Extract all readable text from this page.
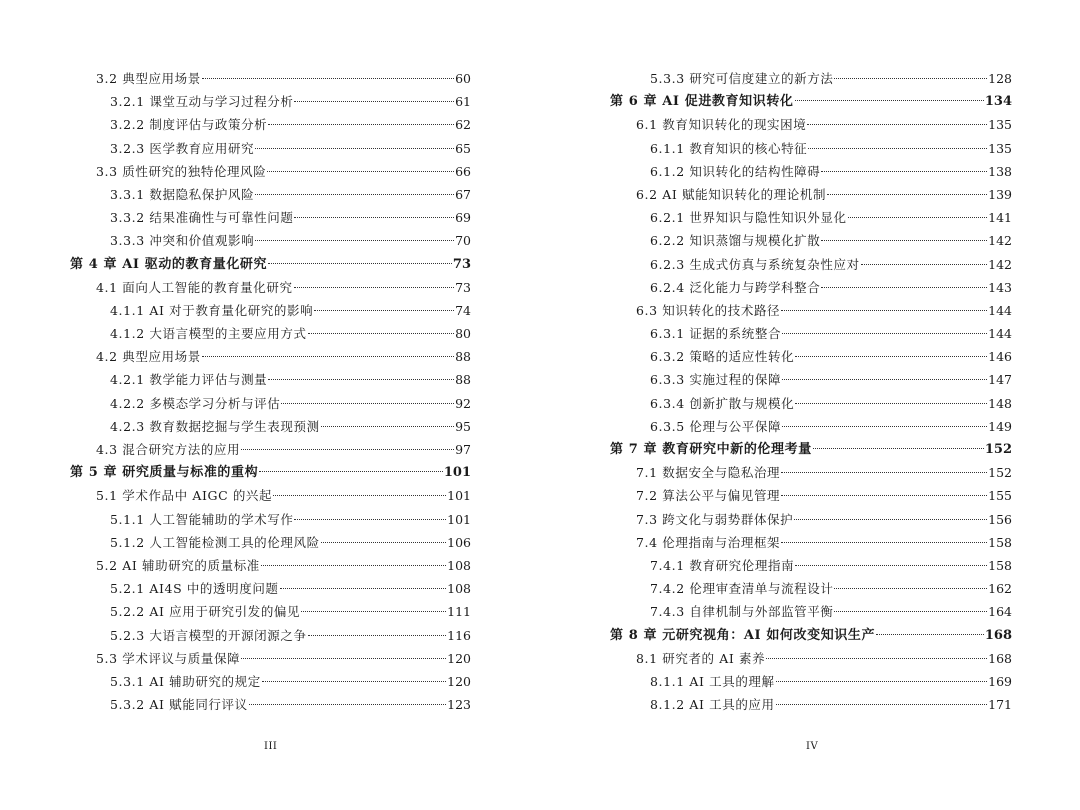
3.2 典型应用场景	60
3.2.1 课堂互动与学习过程分析	61
3.2.2 制度评估与政策分析	62
3.2.3 医学教育应用研究	65
3.3 质性研究的独特伦理风险	66
3.3.1 数据隐私保护风险	67
3.3.2 结果准确性与可靠性问题	69
3.3.3 冲突和价值观影响	70
第 4 章 AI 驱动的教育量化研究	73
4.1 面向人工智能的教育量化研究	73
4.1.1 AI 对于教育量化研究的影响	74
4.1.2 大语言模型的主要应用方式	80
4.2 典型应用场景	88
4.2.1 教学能力评估与测量	88
4.2.2 多模态学习分析与评估	92
4.2.3 教育数据挖掘与学生表现预测	95
4.3 混合研究方法的应用	97
第 5 章 研究质量与标准的重构	101
5.1 学术作品中 AIGC 的兴起	101
5.1.1 人工智能辅助的学术写作	101
5.1.2 人工智能检测工具的伦理风险	106
5.2 AI 辅助研究的质量标准	108
5.2.1 AI4S 中的透明度问题	108
5.2.2 AI 应用于研究引发的偏见	111
5.2.3 大语言模型的开源闭源之争	116
5.3 学术评议与质量保障	120
5.3.1 AI 辅助研究的规定	120
5.3.2 AI 赋能同行评议	123
III
5.3.3 研究可信度建立的新方法	128
第 6 章 AI 促进教育知识转化	134
6.1 教育知识转化的现实困境	135
6.1.1 教育知识的核心特征	135
6.1.2 知识转化的结构性障碍	138
6.2 AI 赋能知识转化的理论机制	139
6.2.1 世界知识与隐性知识外显化	141
6.2.2 知识蒸馏与规模化扩散	142
6.2.3 生成式仿真与系统复杂性应对	142
6.2.4 泛化能力与跨学科整合	143
6.3 知识转化的技术路径	144
6.3.1 证据的系统整合	144
6.3.2 策略的适应性转化	146
6.3.3 实施过程的保障	147
6.3.4 创新扩散与规模化	148
6.3.5 伦理与公平保障	149
第 7 章 教育研究中新的伦理考量	152
7.1 数据安全与隐私治理	152
7.2 算法公平与偏见管理	155
7.3 跨文化与弱势群体保护	156
7.4 伦理指南与治理框架	158
7.4.1 教育研究伦理指南	158
7.4.2 伦理审查清单与流程设计	162
7.4.3 自律机制与外部监管平衡	164
第 8 章 元研究视角：AI 如何改变知识生产	168
8.1 研究者的 AI 素养	168
8.1.1 AI 工具的理解	169
8.1.2 AI 工具的应用	171
IV
